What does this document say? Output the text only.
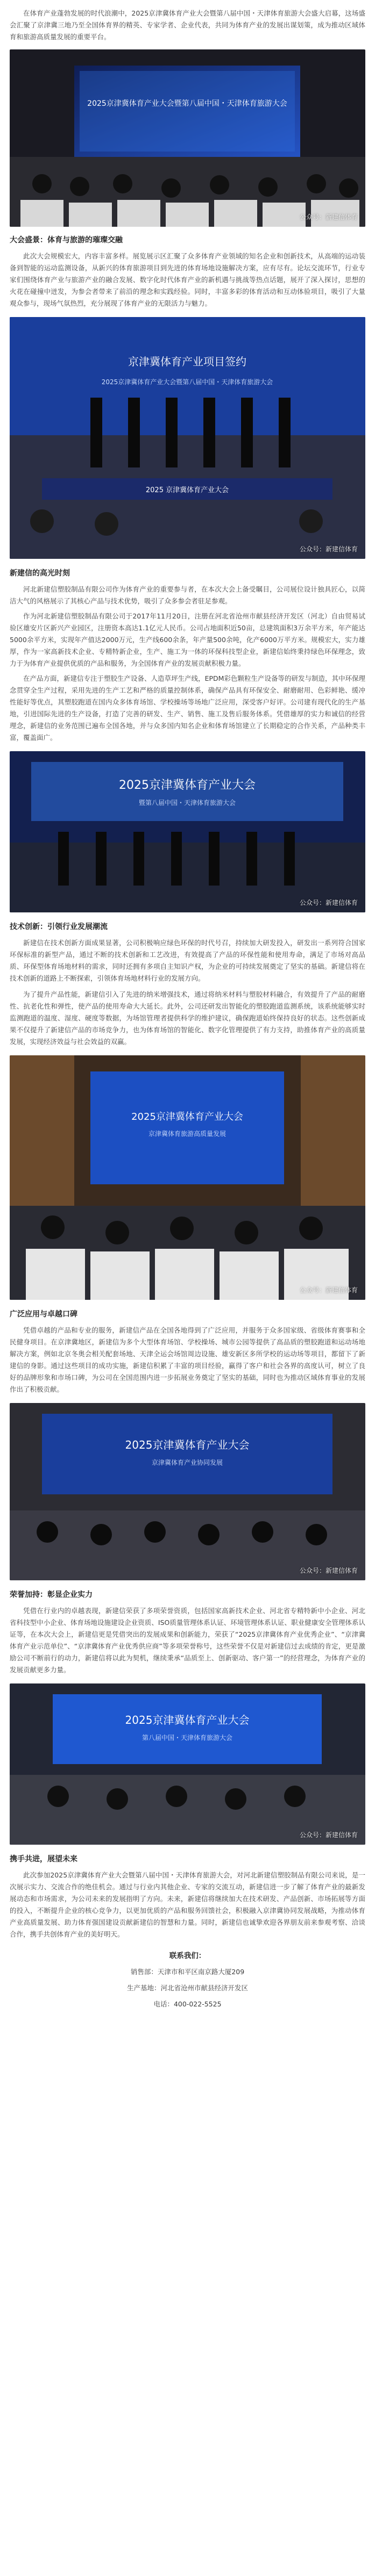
在体育产业蓬勃发展的时代浪潮中，2025京津冀体育产业大会暨第八届中国・天津体育旅游大会盛大启幕，这场盛会汇聚了京津冀三地乃至全国体育界的精英、专家学者、企业代表，共同为体育产业的发展出谋划策，成为推动区域体育和旅游高质量发展的重要平台。

2025京津冀体育产业大会暨第八届中国・天津体育旅游大会
公众号：新建信体育
大会盛景：体育与旅游的璀璨交融

此次大会规模宏大，内容丰富多样。展览展示区汇聚了众多体育产业领域的知名企业和创新技术，从高端的运动装备到智能的运动监测设备，从新兴的体育旅游项目到先进的体育场地设施解决方案，应有尽有。论坛交流环节，行业专家们围绕体育产业与旅游产业的融合发展、数字化时代体育产业的新机遇与挑战等热点话题，展开了深入探讨，思想的火花在碰撞中迸发，为参会者带来了前沿的理念和实践经验。同时，丰富多彩的体育活动和互动体验项目，吸引了大量观众参与，现场气氛热烈，充分展现了体育产业的无限活力与魅力。

京津冀体育产业项目签约
2025京津冀体育产业大会暨第八届中国・天津体育旅游大会
2025 京津冀体育产业大会
公众号：新建信体育
新建信的高光时刻

河北新建信塑胶制品有限公司作为体育产业的重要参与者，在本次大会上备受瞩目，公司展位设计独具匠心，以简洁大气的风格展示了其核心产品与技术优势，吸引了众多参会者驻足参观。

作为河北新建信塑胶制品有限公司于2017年11月20日，注册在河北省沧州市献县经济开发区（河北）自由贸易试验区雄安片区新兴产业园区，注册资本高达1.1亿元人民币。公司占地面积近50亩，总建筑面积3万余平方米，年产能达5000余平方米，实现年产值达2000万元，生产线600余条，年产量500余吨，化产6000万平方米。规模宏大，实力雄厚，作为一家高新技术企业、专精特新企业，生产、施工为一体的环保科技型企业，新建信始终秉持绿色环保理念，致力于为体育产业提供优质的产品和服务，为全国体育产业的发展贡献积极力量。

在产品方面，新建信专注于塑胶生产设备、人造草坪生产线，EPDM彩色颗粒生产设备等的研发与制造，其中环保理念贯穿全生产过程，采用先进的生产工艺和严格的质量控制体系，确保产品具有环保安全、耐磨耐用、色彩鲜艳、缓冲性能好等优点，其塑胶跑道在国内众多体育场馆、学校操场等场地广泛应用，深受客户好评。公司建有现代化的生产基地，引进国际先进的生产设备，打造了完善的研发、生产、销售、施工及售后服务体系。凭借雄厚的实力和诚信的经营理念，新建信的业务范围已遍布全国各地，并与众多国内知名企业和体育场馆建立了长期稳定的合作关系，产品种类丰富，覆盖面广。

2025京津冀体育产业大会
暨第八届中国・天津体育旅游大会
公众号：新建信体育
技术创新：引领行业发展潮流

新建信在技术创新方面成果显著，公司积极响应绿色环保的时代号召，持续加大研发投入，研发出一系列符合国家环保标准的新型产品，通过不断的技术创新和工艺改进，有效提高了产品的环保性能和使用寿命，满足了市场对高品质、环保型体育场地材料的需求，同时还拥有多项自主知识产权，为企业的可持续发展奠定了坚实的基础。新建信将在技术创新的道路上不断探索，引领体育场地材料行业的发展方向。

为了提升产品性能，新建信引入了先进的纳米增强技术，通过将纳米材料与塑胶材料融合，有效提升了产品的耐磨性、抗老化性和弹性，使产品的使用寿命大大延长。此外，公司还研发出智能化的塑胶跑道监测系统，该系统能够实时监测跑道的温度、湿度、硬度等数据，为场馆管理者提供科学的维护建议，确保跑道始终保持良好的状态。这些创新成果不仅提升了新建信产品的市场竞争力，也为体育场馆的智能化、数字化管理提供了有力支持，助推体育产业的高质量发展，实现经济效益与社会效益的双赢。

2025京津冀体育产业大会
京津冀体育旅游高质量发展
公众号：新建信体育
广泛应用与卓越口碑

凭借卓越的产品和专业的服务，新建信产品在全国各地得到了广泛应用，并服务于众多国家级、省级体育赛事和全民健身项目。在京津冀地区，新建信为多个大型体育场馆、学校操场、城市公园等提供了高品质的塑胶跑道和运动场地解决方案，例如北京冬奥会相关配套场地、天津全运会场馆周边设施、雄安新区多所学校的运动场等项目，都留下了新建信的身影。通过这些项目的成功实施，新建信积累了丰富的项目经验，赢得了客户和社会各界的高度认可，树立了良好的品牌形象和市场口碑，为公司在全国范围内进一步拓展业务奠定了坚实的基础，同时也为推动区域体育事业的发展作出了积极贡献。

2025京津冀体育产业大会
京津冀体育产业协同发展
公众号：新建信体育
荣誉加持：彰显企业实力

凭借在行业内的卓越表现，新建信荣获了多项荣誉资质，包括国家高新技术企业、河北省专精特新中小企业、河北省科技型中小企业、体育场地设施建设企业资质、ISO质量管理体系认证、环境管理体系认证、职业健康安全管理体系认证等，在本次大会上，新建信更是凭借突出的发展成果和创新能力，荣获了“2025京津冀体育产业优秀企业”、“京津冀体育产业示范单位”、“京津冀体育产业优秀供应商”等多项荣誉称号，这些荣誉不仅是对新建信过去成绩的肯定，更是激励公司不断前行的动力，新建信将以此为契机，继续秉承“品质至上、创新驱动、客户第一”的经营理念，为体育产业的发展贡献更多力量。

2025京津冀体育产业大会
第八届中国・天津体育旅游大会
公众号：新建信体育
携手共进，展望未来

此次参加2025京津冀体育产业大会暨第八届中国・天津体育旅游大会，对河北新建信塑胶制品有限公司来说，是一次展示实力、交流合作的绝佳机会。通过与行业内其他企业、专家的交流互动，新建信进一步了解了体育产业的最新发展动态和市场需求，为公司未来的发展指明了方向。未来，新建信将继续加大在技术研发、产品创新、市场拓展等方面的投入，不断提升企业的核心竞争力，以更加优质的产品和服务回馈社会，积极融入京津冀协同发展战略，为推动体育产业高质量发展、助力体育强国建设贡献新建信的智慧和力量。同时，新建信也诚挚欢迎各界朋友前来参观考察、洽谈合作，携手共创体育产业的美好明天。

联系我们：
销售部：天津市和平区南京路大厦209
生产基地：河北省沧州市献县经济开发区
电话：400-022-5525
